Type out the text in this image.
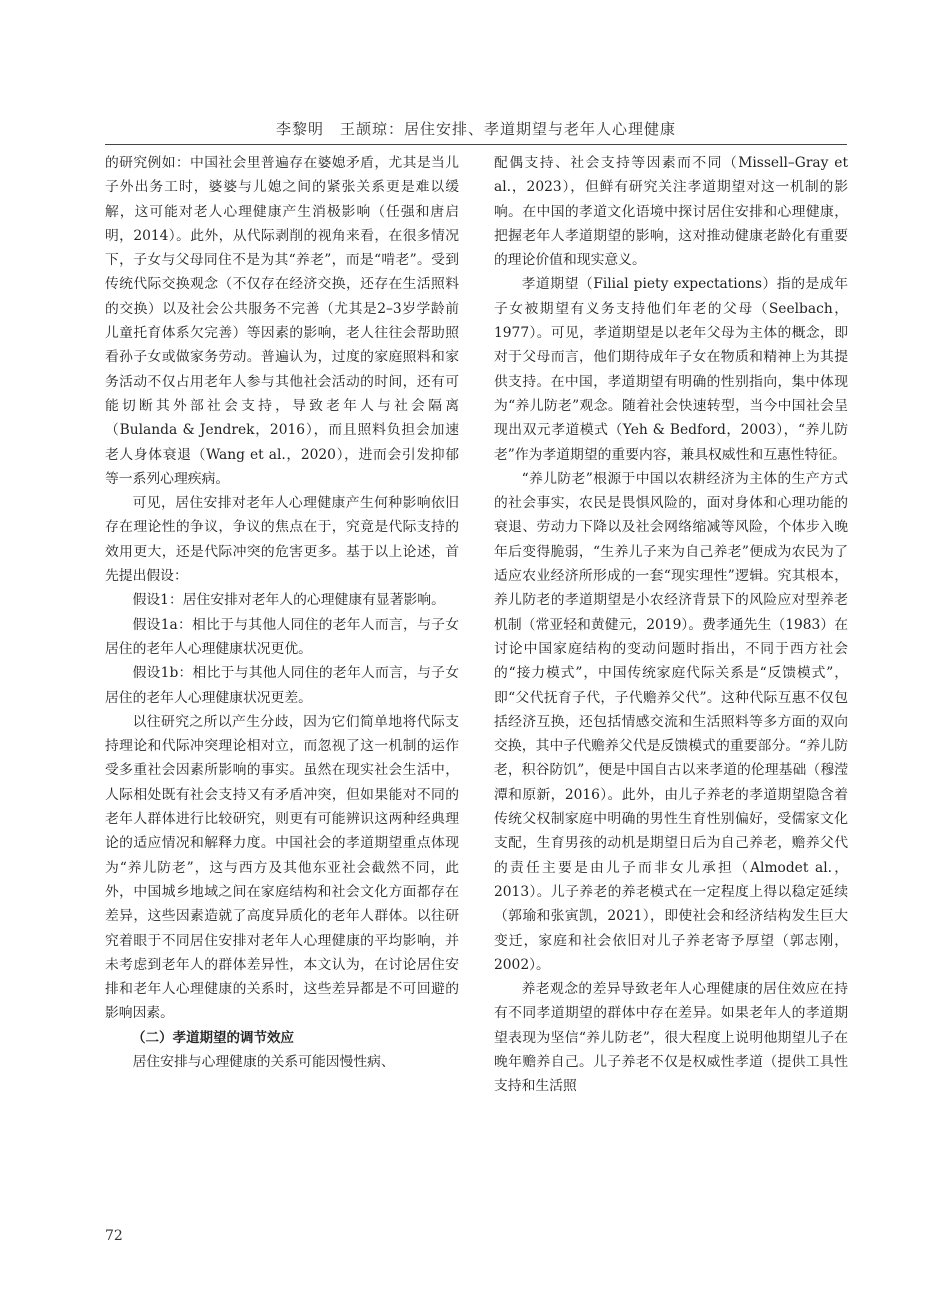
李黎明　王颉琼：居住安排、孝道期望与老年人心理健康

的研究例如：中国社会里普遍存在婆媳矛盾，尤其是当儿子外出务工时，婆婆与儿媳之间的紧张关系更是难以缓解，这可能对老人心理健康产生消极影响（任强和唐启明，2014）。此外，从代际剥削的视角来看，在很多情况下，子女与父母同住不是为其“养老”，而是“啃老”。受到传统代际交换观念（不仅存在经济交换，还存在生活照料的交换）以及社会公共服务不完善（尤其是2–3岁学龄前儿童托育体系欠完善）等因素的影响，老人往往会帮助照看孙子女或做家务劳动。普遍认为，过度的家庭照料和家务活动不仅占用老年人参与其他社会活动的时间，还有可能切断其外部社会支持，导致老年人与社会隔离（Bulanda & Jendrek，2016），而且照料负担会加速老人身体衰退（Wang et al.，2020），进而会引发抑郁等一系列心理疾病。

可见，居住安排对老年人心理健康产生何种影响依旧存在理论性的争议，争议的焦点在于，究竟是代际支持的效用更大，还是代际冲突的危害更多。基于以上论述，首先提出假设：

假设1：居住安排对老年人的心理健康有显著影响。

假设1a：相比于与其他人同住的老年人而言，与子女居住的老年人心理健康状况更优。

假设1b：相比于与其他人同住的老年人而言，与子女居住的老年人心理健康状况更差。

以往研究之所以产生分歧，因为它们简单地将代际支持理论和代际冲突理论相对立，而忽视了这一机制的运作受多重社会因素所影响的事实。虽然在现实社会生活中，人际相处既有社会支持又有矛盾冲突，但如果能对不同的老年人群体进行比较研究，则更有可能辨识这两种经典理论的适应情况和解释力度。中国社会的孝道期望重点体现为“养儿防老”，这与西方及其他东亚社会截然不同，此外，中国城乡地域之间在家庭结构和社会文化方面都存在差异，这些因素造就了高度异质化的老年人群体。以往研究着眼于不同居住安排对老年人心理健康的平均影响，并未考虑到老年人的群体差异性，本文认为，在讨论居住安排和老年人心理健康的关系时，这些差异都是不可回避的影响因素。

（二）孝道期望的调节效应

居住安排与心理健康的关系可能因慢性病、

配偶支持、社会支持等因素而不同（Missell–Gray et al.，2023），但鲜有研究关注孝道期望对这一机制的影响。在中国的孝道文化语境中探讨居住安排和心理健康，把握老年人孝道期望的影响，这对推动健康老龄化有重要的理论价值和现实意义。

孝道期望（Filial piety expectations）指的是成年子女被期望有义务支持他们年老的父母（Seelbach，1977）。可见，孝道期望是以老年父母为主体的概念，即对于父母而言，他们期待成年子女在物质和精神上为其提供支持。在中国，孝道期望有明确的性别指向，集中体现为“养儿防老”观念。随着社会快速转型，当今中国社会呈现出双元孝道模式（Yeh & Bedford，2003），“养儿防老”作为孝道期望的重要内容，兼具权威性和互惠性特征。

“养儿防老”根源于中国以农耕经济为主体的生产方式的社会事实，农民是畏惧风险的，面对身体和心理功能的衰退、劳动力下降以及社会网络缩减等风险，个体步入晚年后变得脆弱，“生养儿子来为自己养老”便成为农民为了适应农业经济所形成的一套“现实理性”逻辑。究其根本，养儿防老的孝道期望是小农经济背景下的风险应对型养老机制（常亚轻和黄健元，2019）。费孝通先生（1983）在讨论中国家庭结构的变动问题时指出，不同于西方社会的“接力模式”，中国传统家庭代际关系是“反馈模式”，即“父代抚育子代，子代赡养父代”。这种代际互惠不仅包括经济互换，还包括情感交流和生活照料等多方面的双向交换，其中子代赡养父代是反馈模式的重要部分。“养儿防老，积谷防饥”，便是中国自古以来孝道的伦理基础（穆滢潭和原新，2016）。此外，由儿子养老的孝道期望隐含着传统父权制家庭中明确的男性生育性别偏好，受儒家文化支配，生育男孩的动机是期望日后为自己养老，赡养父代的责任主要是由儿子而非女儿承担（Almodet al.，2013）。儿子养老的养老模式在一定程度上得以稳定延续（郭瑜和张寅凯，2021），即使社会和经济结构发生巨大变迁，家庭和社会依旧对儿子养老寄予厚望（郭志刚，2002）。

养老观念的差异导致老年人心理健康的居住效应在持有不同孝道期望的群体中存在差异。如果老年人的孝道期望表现为坚信“养儿防老”，很大程度上说明他期望儿子在晚年赡养自己。儿子养老不仅是权威性孝道（提供工具性支持和生活照

72
